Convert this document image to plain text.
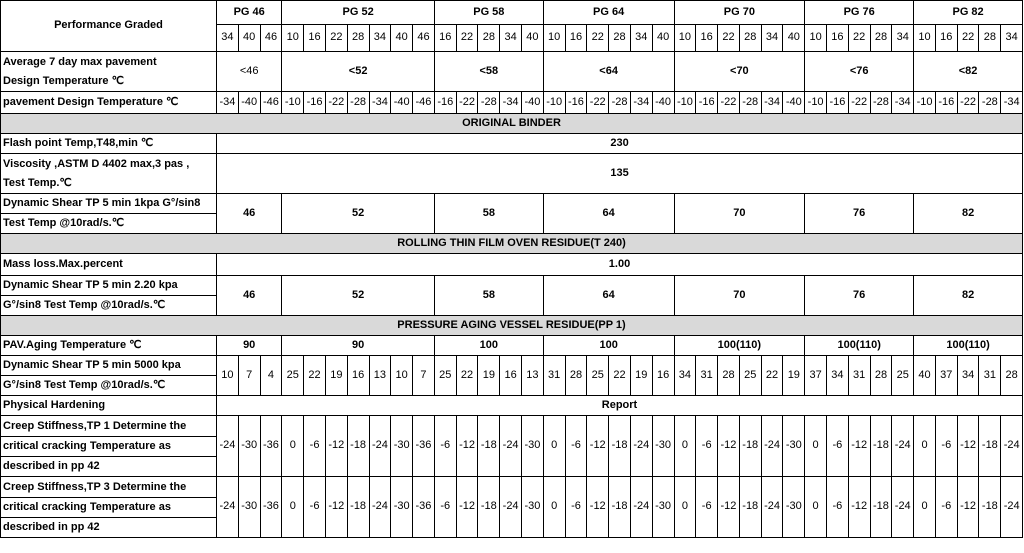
Performance Graded	PG 46			PG 52							PG 58					PG 64						PG 70						PG 76					PG 82				
	34	40	46	10	16	22	28	34	40	46	16	22	28	34	40	10	16	22	28	34	40	10	16	22	28	34	40	10	16	22	28	34	10	16	22	28	34

Average 7 day max pavement
Design Temperature ℃	<46			<52							<58					<64						<70						<76					<82				
pavement Design Temperature ℃	-34	-40	-46	-10	-16	-22	-28	-34	-40	-46	-16	-22	-28	-34	-40	-10	-16	-22	-28	-34	-40	-10	-16	-22	-28	-34	-40	-10	-16	-22	-28	-34	-10	-16	-22	-28	-34
ORIGINAL BINDER																																					
Flash point Temp,T48,min ℃	230																																				

Viscosity ,ASTM D 4402 max,3 pas ,
Test Temp.℃	135																																				

Dynamic Shear TP 5 min 1kpa G°/sin8
Test Temp @10rad/s.℃	46			52							58					64						70						76					82				
ROLLING THIN FILM OVEN RESIDUE(T 240)																																					
Mass loss.Max.percent	1.00																																				

Dynamic Shear TP 5 min 2.20 kpa
G°/sin8 Test Temp @10rad/s.℃	46			52							58					64						70						76					82				
PRESSURE AGING VESSEL RESIDUE(PP 1)																																					
PAV.Aging Temperature ℃	90			90							100					100						100(110)						100(110)					100(110)				

Dynamic Shear TP 5 min 5000 kpa
G°/sin8 Test Temp @10rad/s.℃	10	7	4	25	22	19	16	13	10	7	25	22	19	16	13	31	28	25	22	19	16	34	31	28	25	22	19	37	34	31	28	25	40	37	34	31	28
Physical Hardening	Report																																				

Creep Stiffness,TP 1 Determine the
critical cracking Temperature as
described in pp 42	-24	-30	-36	0	-6	-12	-18	-24	-30	-36	-6	-12	-18	-24	-30	0	-6	-12	-18	-24	-30	0	-6	-12	-18	-24	-30	0	-6	-12	-18	-24	0	-6	-12	-18	-24

Creep Stiffness,TP 3 Determine the
critical cracking Temperature as
described in pp 42	-24	-30	-36	0	-6	-12	-18	-24	-30	-36	-6	-12	-18	-24	-30	0	-6	-12	-18	-24	-30	0	-6	-12	-18	-24	-30	0	-6	-12	-18	-24	0	-6	-12	-18	-24
